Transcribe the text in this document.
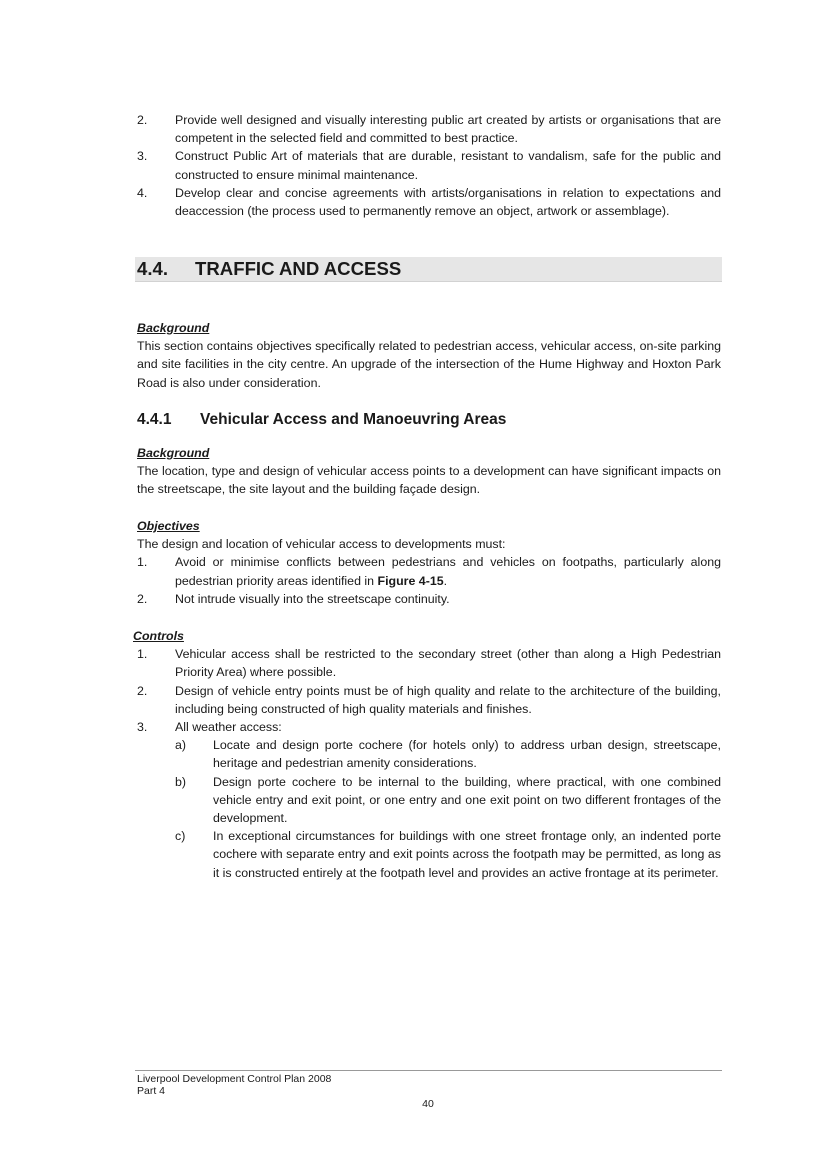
2. Provide well designed and visually interesting public art created by artists or organisations that are competent in the selected field and committed to best practice.
3. Construct Public Art of materials that are durable, resistant to vandalism, safe for the public and constructed to ensure minimal maintenance.
4. Develop clear and concise agreements with artists/organisations in relation to expectations and deaccession (the process used to permanently remove an object, artwork or assemblage).
4.4. TRAFFIC AND ACCESS
Background
This section contains objectives specifically related to pedestrian access, vehicular access, on-site parking and site facilities in the city centre. An upgrade of the intersection of the Hume Highway and Hoxton Park Road is also under consideration.
4.4.1 Vehicular Access and Manoeuvring Areas
Background
The location, type and design of vehicular access points to a development can have significant impacts on the streetscape, the site layout and the building façade design.
Objectives
The design and location of vehicular access to developments must:
1. Avoid or minimise conflicts between pedestrians and vehicles on footpaths, particularly along pedestrian priority areas identified in Figure 4-15.
2. Not intrude visually into the streetscape continuity.
Controls
1. Vehicular access shall be restricted to the secondary street (other than along a High Pedestrian Priority Area) where possible.
2. Design of vehicle entry points must be of high quality and relate to the architecture of the building, including being constructed of high quality materials and finishes.
3. All weather access:
a) Locate and design porte cochere (for hotels only) to address urban design, streetscape, heritage and pedestrian amenity considerations.
b) Design porte cochere to be internal to the building, where practical, with one combined vehicle entry and exit point, or one entry and one exit point on two different frontages of the development.
c) In exceptional circumstances for buildings with one street frontage only, an indented porte cochere with separate entry and exit points across the footpath may be permitted, as long as it is constructed entirely at the footpath level and provides an active frontage at its perimeter.
Liverpool Development Control Plan 2008
Part 4
40
